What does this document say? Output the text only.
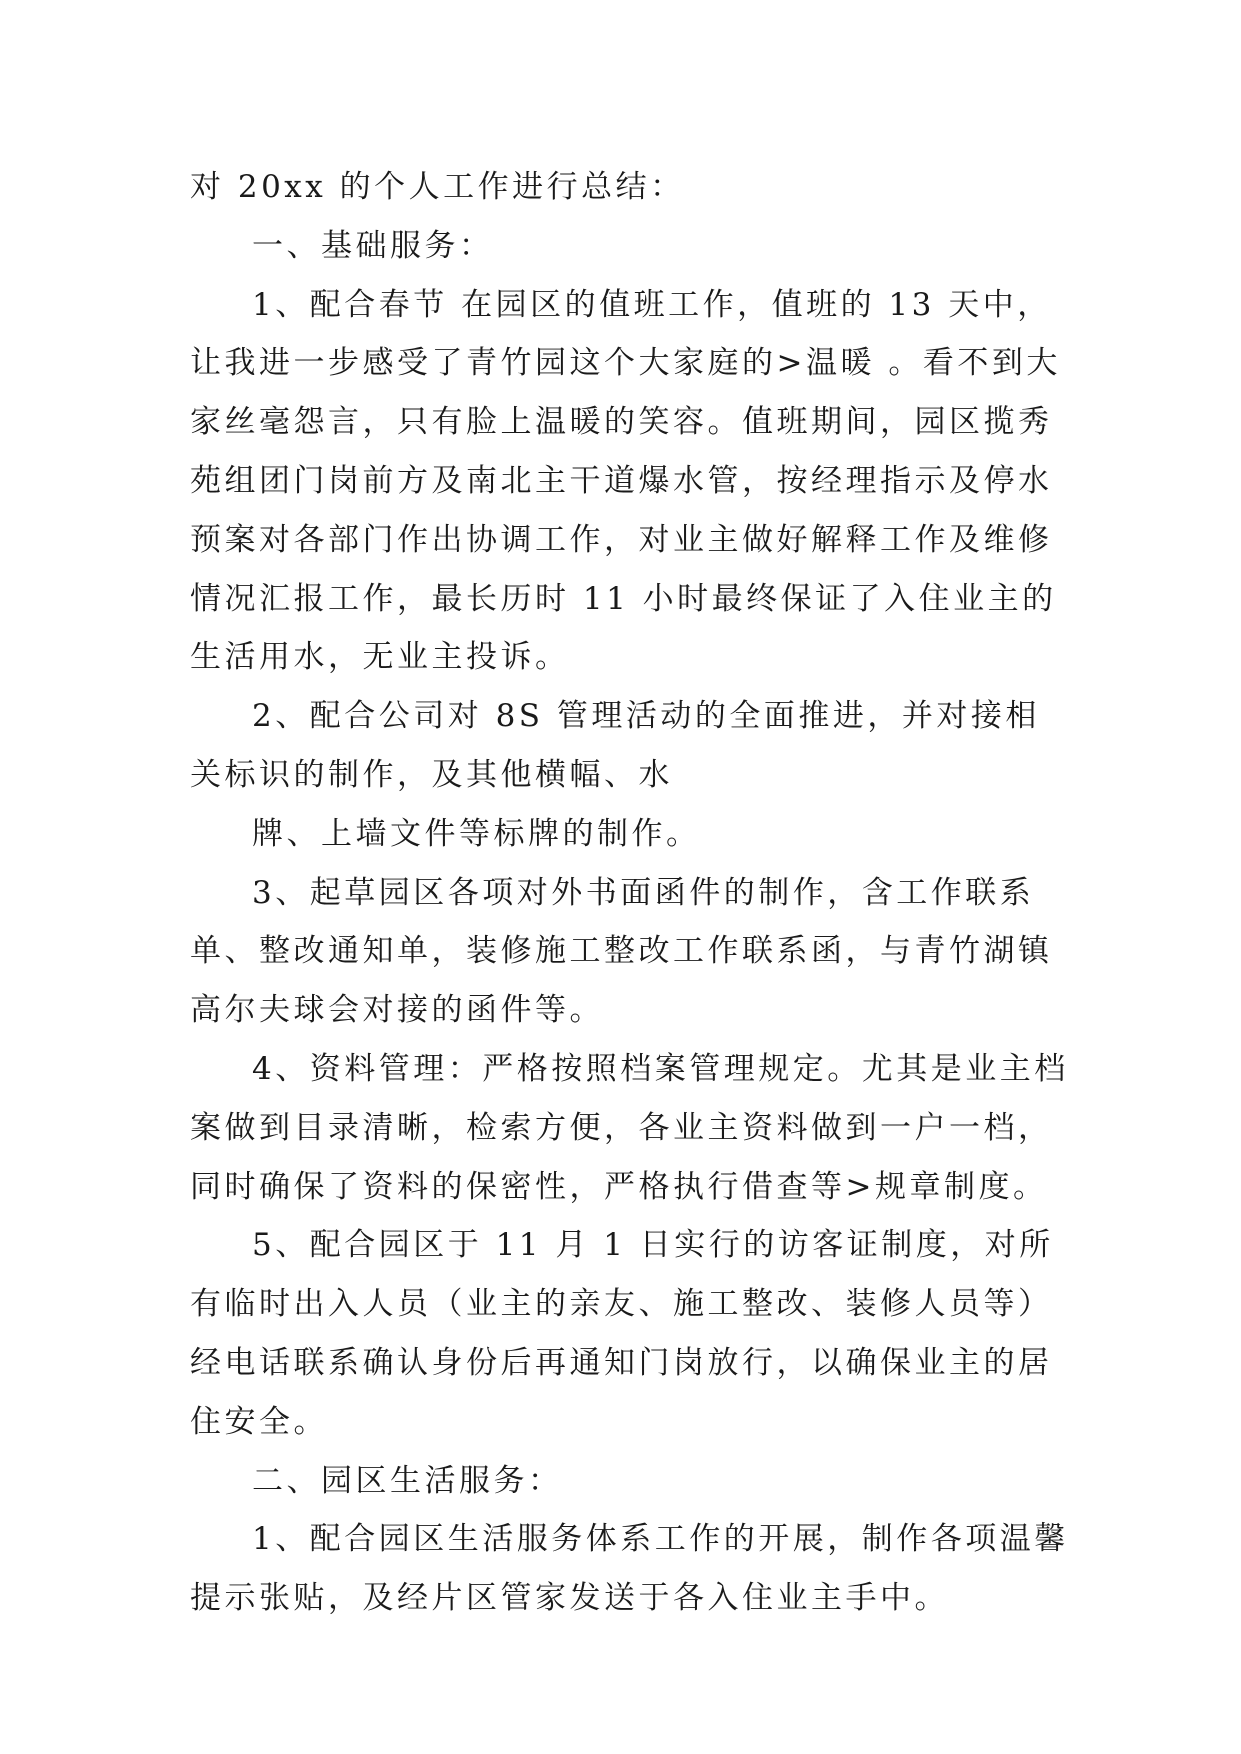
对 20xx 的个人工作进行总结：

一、基础服务：

1、配合春节 在园区的值班工作，值班的 13 天中，让我进一步感受了青竹园这个大家庭的>温暖 。看不到大家丝毫怨言，只有脸上温暖的笑容。值班期间，园区揽秀苑组团门岗前方及南北主干道爆水管，按经理指示及停水预案对各部门作出协调工作，对业主做好解释工作及维修情况汇报工作，最长历时 11 小时最终保证了入住业主的生活用水，无业主投诉。

2、配合公司对 8S 管理活动的全面推进，并对接相关标识的制作，及其他横幅、水

牌、上墙文件等标牌的制作。

3、起草园区各项对外书面函件的制作，含工作联系单、整改通知单，装修施工整改工作联系函，与青竹湖镇高尔夫球会对接的函件等。

4、资料管理：严格按照档案管理规定。尤其是业主档案做到目录清晰，检索方便，各业主资料做到一户一档，同时确保了资料的保密性，严格执行借查等>规章制度。

5、配合园区于 11 月 1 日实行的访客证制度，对所有临时出入人员（业主的亲友、施工整改、装修人员等）经电话联系确认身份后再通知门岗放行，以确保业主的居住安全。

二、园区生活服务：

1、配合园区生活服务体系工作的开展，制作各项温馨提示张贴，及经片区管家发送于各入住业主手中。
